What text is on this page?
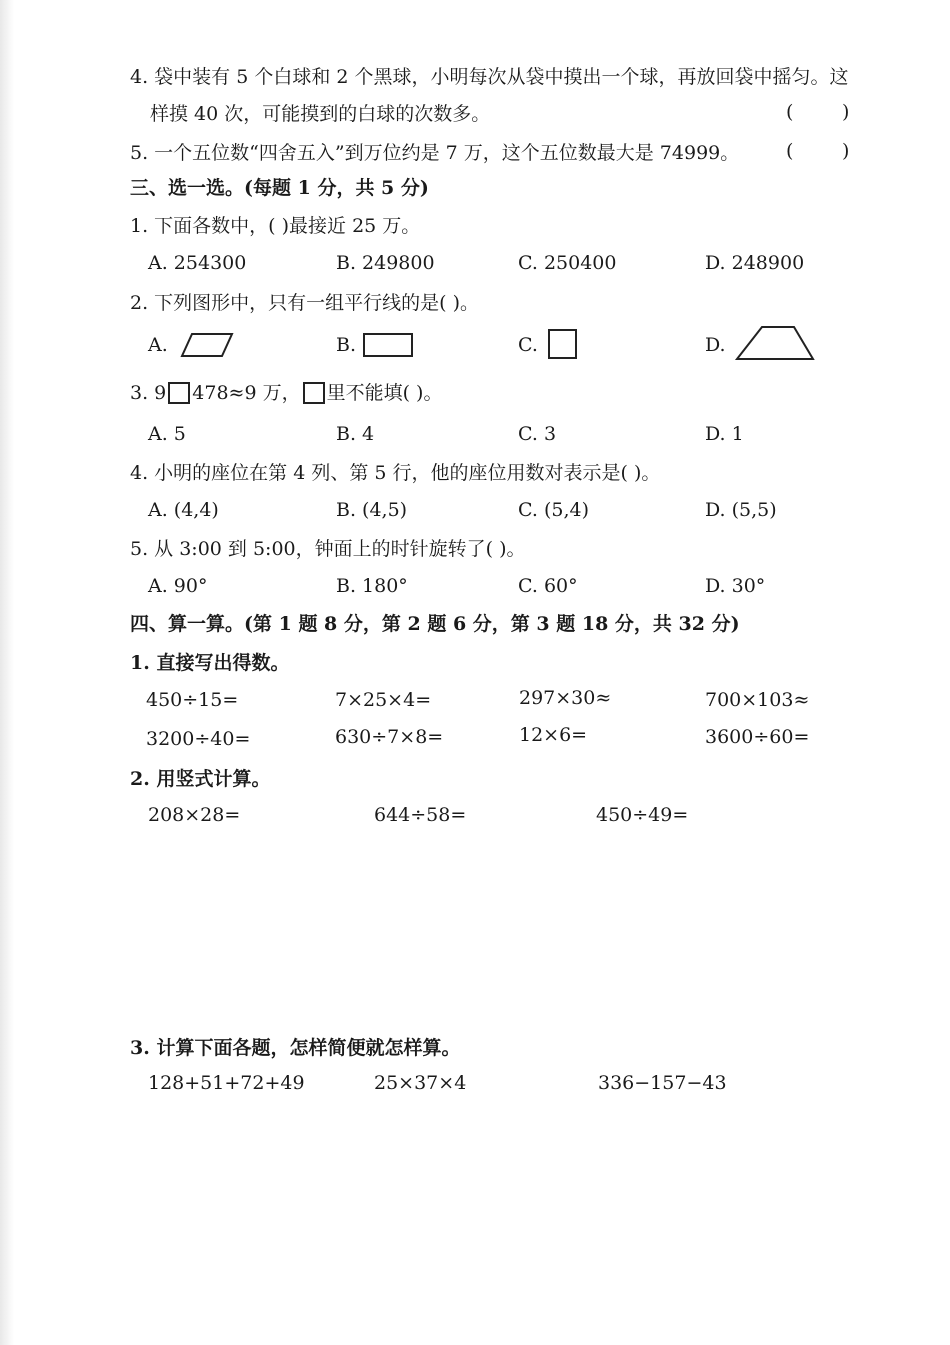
4. 袋中装有 5 个白球和 2 个黑球，小明每次从袋中摸出一个球，再放回袋中摇匀。这
样摸 40 次，可能摸到的白球的次数多。	(	)
5. 一个五位数“四舍五入”到万位约是 7 万，这个五位数最大是 74999。 (	)
三、选一选。(每题 1 分，共 5 分)
1. 下面各数中，( )最接近 25 万。
A. 254300	B. 249800	C. 250400	D. 248900
2. 下列图形中，只有一组平行线的是( )。
A.	B.	C.	D.
3. 9 478≈9 万， 里不能填( )。
A. 5	B. 4	C. 3	D. 1
4. 小明的座位在第 4 列、第 5 行，他的座位用数对表示是( )。
A. (4,4)	B. (4,5)	C. (5,4)	D. (5,5)
5. 从 3:00 到 5:00，钟面上的时针旋转了( )。
A. 90°	B. 180°	C. 60°	D. 30°
四、算一算。(第 1 题 8 分，第 2 题 6 分，第 3 题 18 分，共 32 分)
1. 直接写出得数。
450÷15=	7×25×4=	297×30≈	700×103≈
3200÷40=	630÷7×8=	12×6=	3600÷60=
2. 用竖式计算。
208×28=	644÷58=	450÷49=
3. 计算下面各题，怎样简便就怎样算。
128+51+72+49	25×37×4	336−157−43
